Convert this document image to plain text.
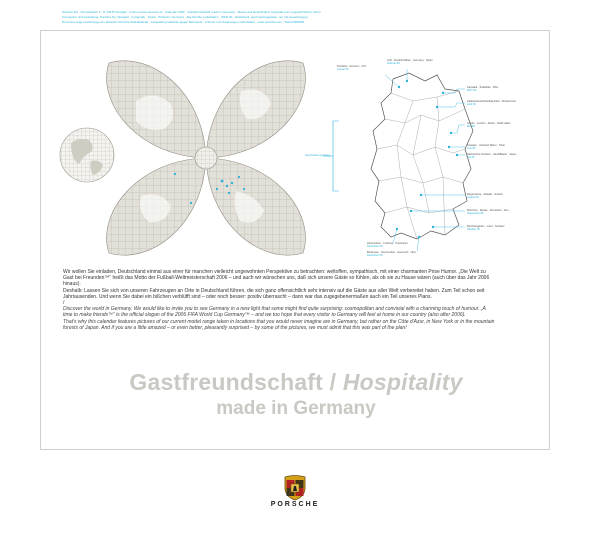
Porsche AG · Porscheplatz 1 · D-70435 Stuttgart · Internet www.porsche.de · Kalender 2006 · Gastfreundschaft made in Germany · Motive aus Deutschland, fotografiert an ungewöhnlichen Orten
Konzeption und Gestaltung: Porsche AG, Stuttgart · Fotografie · Druck · Printed in Germany · Alle Rechte vorbehalten · WKD 00 · Nachdruck, auch auszugsweise, nur mit Genehmigung
Die Fotos zeigen Fahrzeuge der aktuellen Porsche Modellpalette · Ausstattung teilweise gegen Mehrpreis · Irrtümer und Änderungen vorbehalten · www.porsche.com · Stand 08/2005
Geschnitzte Germany
Frankfurt · Zentrum · Ffm
Januar 06
Golf · Frankfurt/Main · Germany · Spain
Februar 06
Kapstadt · Südafrika · RSA
März 06
Kalahariwüste/Nordkapstadt · Wüstenrand
April 06
Lloyds · London · Dubai · Stadt Hafen
Mai 06
Dresden · Verband Tafern · Tokio
Juni 06
Sächsische Schweiz · Sand/Bastei · Japan
Juli 06
Regensburg · Altstadt · Ontario
August 06
München · Messe · Rumänien · Abu
September 06
Berchtesgaden · Land · Schweiz
Oktober 06
Hinterzarten · Freiburg · Frankreich
November 06
Bodensee · Insel Lindau · Garmisch · Nice
Dezember 06

Wir wollen Sie einladen, Deutschland einmal aus einer für manchen vielleicht ungewohnten Perspektive zu betrachten: weltoffen, sympathisch, mit einer charmanten Prise Humor. „Die Welt zu Gast bei Freunden™“ heißt das Motto der Fußball-Weltmeisterschaft 2006 – und auch wir wünschen uns, daß sich unsere Gäste so fühlen, als ob sie zu Hause wären (auch über das Jahr 2006 hinaus).

Deshalb: Lassen Sie sich von unseren Fahrzeugen an Orte in Deutschland führen, die sich ganz offensichtlich sehr intensiv auf die Gäste aus aller Welt vorbereitet haben. Zum Teil schon seit Jahrtausenden. Und wenn Sie dabei ein bißchen verblüfft sind – oder noch besser: positiv überrascht – dann war das zugegebenermaßen auch ein Teil unseres Plans.

/

Discover the world in Germany. We would like to invite you to see Germany in a new light that some might find quite surprising: cosmopolitan and convivial with a charming touch of humour. „A time to make friends™“ is the official slogan of the 2006 FIFA World Cup Germany™ – and we too hope that every visitor to Germany will feel at home in our country (also after 2006).

That's why this calendar features pictures of our current model range taken in locations that you would never imagine are in Germany, but rather on the Côte d'Azur, in New York or in the mountain forests of Japan. And if you are a little amazed – or even better, pleasantly surprised – by some of the pictures, we must admit that this was part of the plan!

Gastfreundschaft / Hospitality
made in Germany
PORSCHE
